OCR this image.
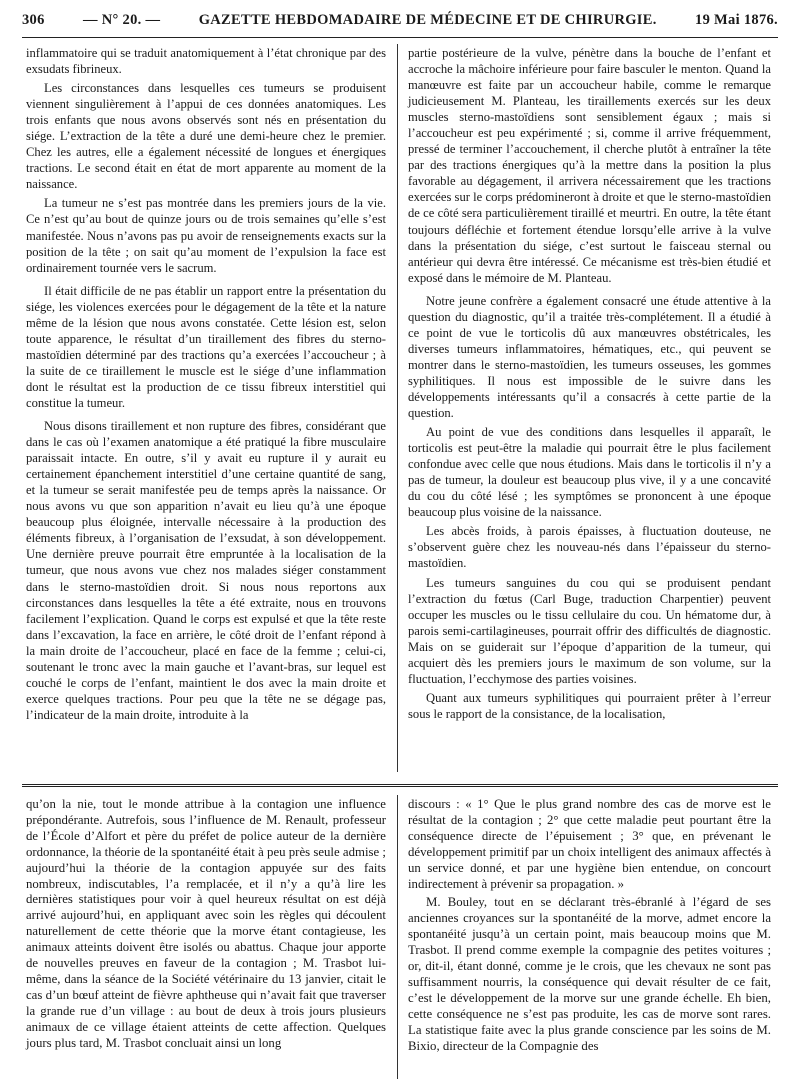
306	— N° 20. —	GAZETTE HEBDOMADAIRE DE MÉDECINE ET DE CHIRURGIE.	19 Mai 1876.

inflammatoire qui se traduit anatomiquement à l’état chronique par des exsudats fibrineux.

Les circonstances dans lesquelles ces tumeurs se produisent viennent singulièrement à l’appui de ces données anatomiques. Les trois enfants que nous avons observés sont nés en présentation du siége. L’extraction de la tête a duré une demi-heure chez le premier. Chez les autres, elle a également nécessité de longues et énergiques tractions. Le second était en état de mort apparente au moment de la naissance.

La tumeur ne s’est pas montrée dans les premiers jours de la vie. Ce n’est qu’au bout de quinze jours ou de trois semaines qu’elle s’est manifestée. Nous n’avons pas pu avoir de renseignements exacts sur la position de la tête ; on sait qu’au moment de l’expulsion la face est ordinairement tournée vers le sacrum.

Il était difficile de ne pas établir un rapport entre la présentation du siége, les violences exercées pour le dégagement de la tête et la nature même de la lésion que nous avons constatée. Cette lésion est, selon toute apparence, le résultat d’un tiraillement des fibres du sterno-mastoïdien déterminé par des tractions qu’a exercées l’accoucheur ; à la suite de ce tiraillement le muscle est le siége d’une inflammation dont le résultat est la production de ce tissu fibreux interstitiel qui constitue la tumeur.

Nous disons tiraillement et non rupture des fibres, considérant que dans le cas où l’examen anatomique a été pratiqué la fibre musculaire paraissait intacte. En outre, s’il y avait eu rupture il y aurait eu certainement épanchement interstitiel d’une certaine quantité de sang, et la tumeur se serait manifestée peu de temps après la naissance. Or nous avons vu que son apparition n’avait eu lieu qu’à une époque beaucoup plus éloignée, intervalle nécessaire à la production des éléments fibreux, à l’organisation de l’exsudat, à son développement. Une dernière preuve pourrait être empruntée à la localisation de la tumeur, que nous avons vue chez nos malades siéger constamment dans le sterno-mastoïdien droit. Si nous nous reportons aux circonstances dans lesquelles la tête a été extraite, nous en trouvons facilement l’explication. Quand le corps est expulsé et que la tête reste dans l’excavation, la face en arrière, le côté droit de l’enfant répond à la main droite de l’accoucheur, placé en face de la femme ; celui-ci, soutenant le tronc avec la main gauche et l’avant-bras, sur lequel est couché le corps de l’enfant, maintient le dos avec la main droite et exerce quelques tractions. Pour peu que la tête ne se dégage pas, l’indicateur de la main droite, introduite à la

partie postérieure de la vulve, pénètre dans la bouche de l’enfant et accroche la mâchoire inférieure pour faire basculer le menton. Quand la manœuvre est faite par un accoucheur habile, comme le remarque judicieusement M. Planteau, les tiraillements exercés sur les deux muscles sterno-mastoïdiens sont sensiblement égaux ; mais si l’accoucheur est peu expérimenté ; si, comme il arrive fréquemment, pressé de terminer l’accouchement, il cherche plutôt à entraîner la tête par des tractions énergiques qu’à la mettre dans la position la plus favorable au dégagement, il arrivera nécessairement que les tractions exercées sur le corps prédomineront à droite et que le sterno-mastoïdien de ce côté sera particulièrement tiraillé et meurtri. En outre, la tête étant toujours défléchie et fortement étendue lorsqu’elle arrive à la vulve dans la présentation du siége, c’est surtout le faisceau sternal ou antérieur qui devra être intéressé. Ce mécanisme est très-bien étudié et exposé dans le mémoire de M. Planteau.

Notre jeune confrère a également consacré une étude attentive à la question du diagnostic, qu’il a traitée très-complétement. Il a étudié à ce point de vue le torticolis dû aux manœuvres obstétricales, les diverses tumeurs inflammatoires, hématiques, etc., qui peuvent se montrer dans le sterno-mastoïdien, les tumeurs osseuses, les gommes syphilitiques. Il nous est impossible de le suivre dans les développements intéressants qu’il a consacrés à cette partie de la question.

Au point de vue des conditions dans lesquelles il apparaît, le torticolis est peut-être la maladie qui pourrait être le plus facilement confondue avec celle que nous étudions. Mais dans le torticolis il n’y a pas de tumeur, la douleur est beaucoup plus vive, il y a une concavité du cou du côté lésé ; les symptômes se prononcent à une époque beaucoup plus voisine de la naissance.

Les abcès froids, à parois épaisses, à fluctuation douteuse, ne s’observent guère chez les nouveau-nés dans l’épaisseur du sterno-mastoïdien.

Les tumeurs sanguines du cou qui se produisent pendant l’extraction du fœtus (Carl Buge, traduction Charpentier) peuvent occuper les muscles ou le tissu cellulaire du cou. Un hématome dur, à parois semi-cartilagineuses, pourrait offrir des difficultés de diagnostic. Mais on se guiderait sur l’époque d’apparition de la tumeur, qui acquiert dès les premiers jours le maximum de son volume, sur la fluctuation, l’ecchymose des parties voisines.

Quant aux tumeurs syphilitiques qui pourraient prêter à l’erreur sous le rapport de la consistance, de la localisation,

qu’on la nie, tout le monde attribue à la contagion une influence prépondérante. Autrefois, sous l’influence de M. Renault, professeur de l’École d’Alfort et père du préfet de police auteur de la dernière ordonnance, la théorie de la spontanéité était à peu près seule admise ; aujourd’hui la théorie de la contagion appuyée sur des faits nombreux, indiscutables, l’a remplacée, et il n’y a qu’à lire les dernières statistiques pour voir à quel heureux résultat on est déjà arrivé aujourd’hui, en appliquant avec soin les règles qui découlent naturellement de cette théorie que la morve étant contagieuse, les animaux atteints doivent être isolés ou abattus. Chaque jour apporte de nouvelles preuves en faveur de la contagion ; M. Trasbot lui-même, dans la séance de la Société vétérinaire du 13 janvier, citait le cas d’un bœuf atteint de fièvre aphtheuse qui n’avait fait que traverser la grande rue d’un village : au bout de deux à trois jours plusieurs animaux de ce village étaient atteints de cette affection. Quelques jours plus tard, M. Trasbot concluait ainsi un long

discours : « 1° Que le plus grand nombre des cas de morve est le résultat de la contagion ; 2° que cette maladie peut pourtant être la conséquence directe de l’épuisement ; 3° que, en prévenant le développement primitif par un choix intelligent des animaux affectés à un service donné, et par une hygiène bien entendue, on concourt indirectement à prévenir sa propagation. »

M. Bouley, tout en se déclarant très-ébranlé à l’égard de ses anciennes croyances sur la spontanéité de la morve, admet encore la spontanéité jusqu’à un certain point, mais beaucoup moins que M. Trasbot. Il prend comme exemple la compagnie des petites voitures ; or, dit-il, étant donné, comme je le crois, que les chevaux ne sont pas suffisamment nourris, la conséquence qui devait résulter de ce fait, c’est le développement de la morve sur une grande échelle. Eh bien, cette conséquence ne s’est pas produite, les cas de morve sont rares. La statistique faite avec la plus grande conscience par les soins de M. Bixio, directeur de la Compagnie des
